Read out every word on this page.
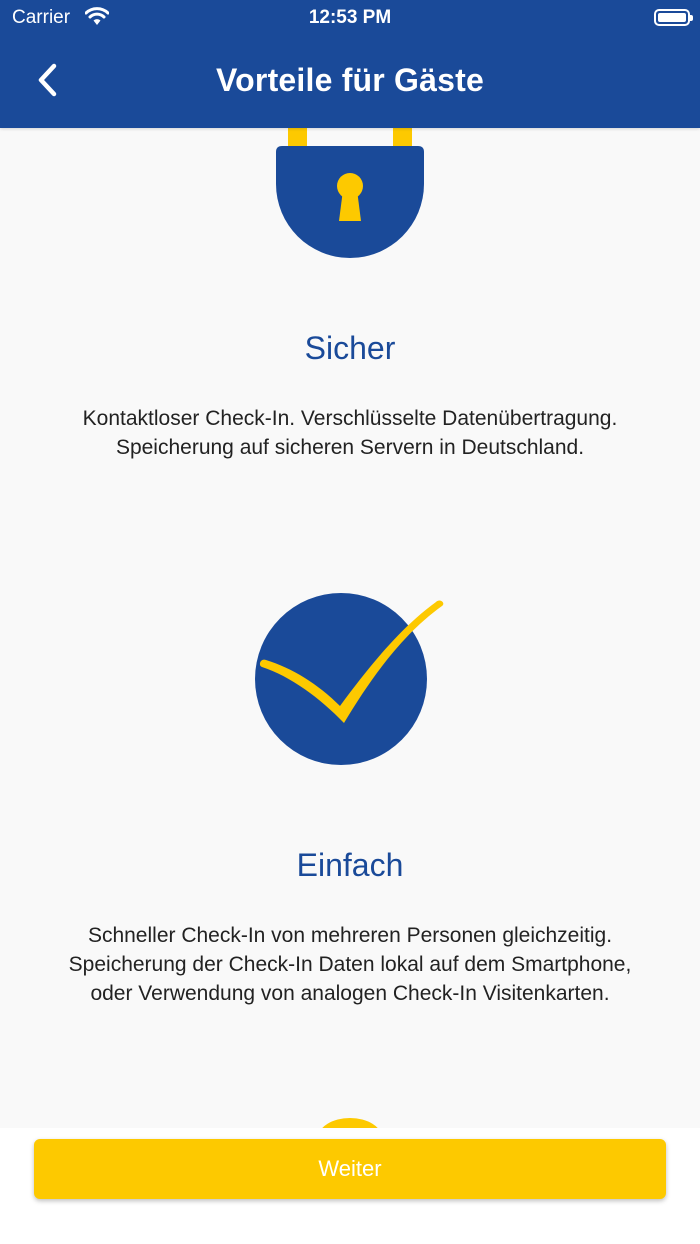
Carrier	12:53 PM
Vorteile für Gäste
Sicher
Kontaktloser Check-In. Verschlüsselte Datenübertragung.
Speicherung auf sicheren Servern in Deutschland.
Einfach
Schneller Check-In von mehreren Personen gleichzeitig.
Speicherung der Check-In Daten lokal auf dem Smartphone,
oder Verwendung von analogen Check-In Visitenkarten.
Weiter
